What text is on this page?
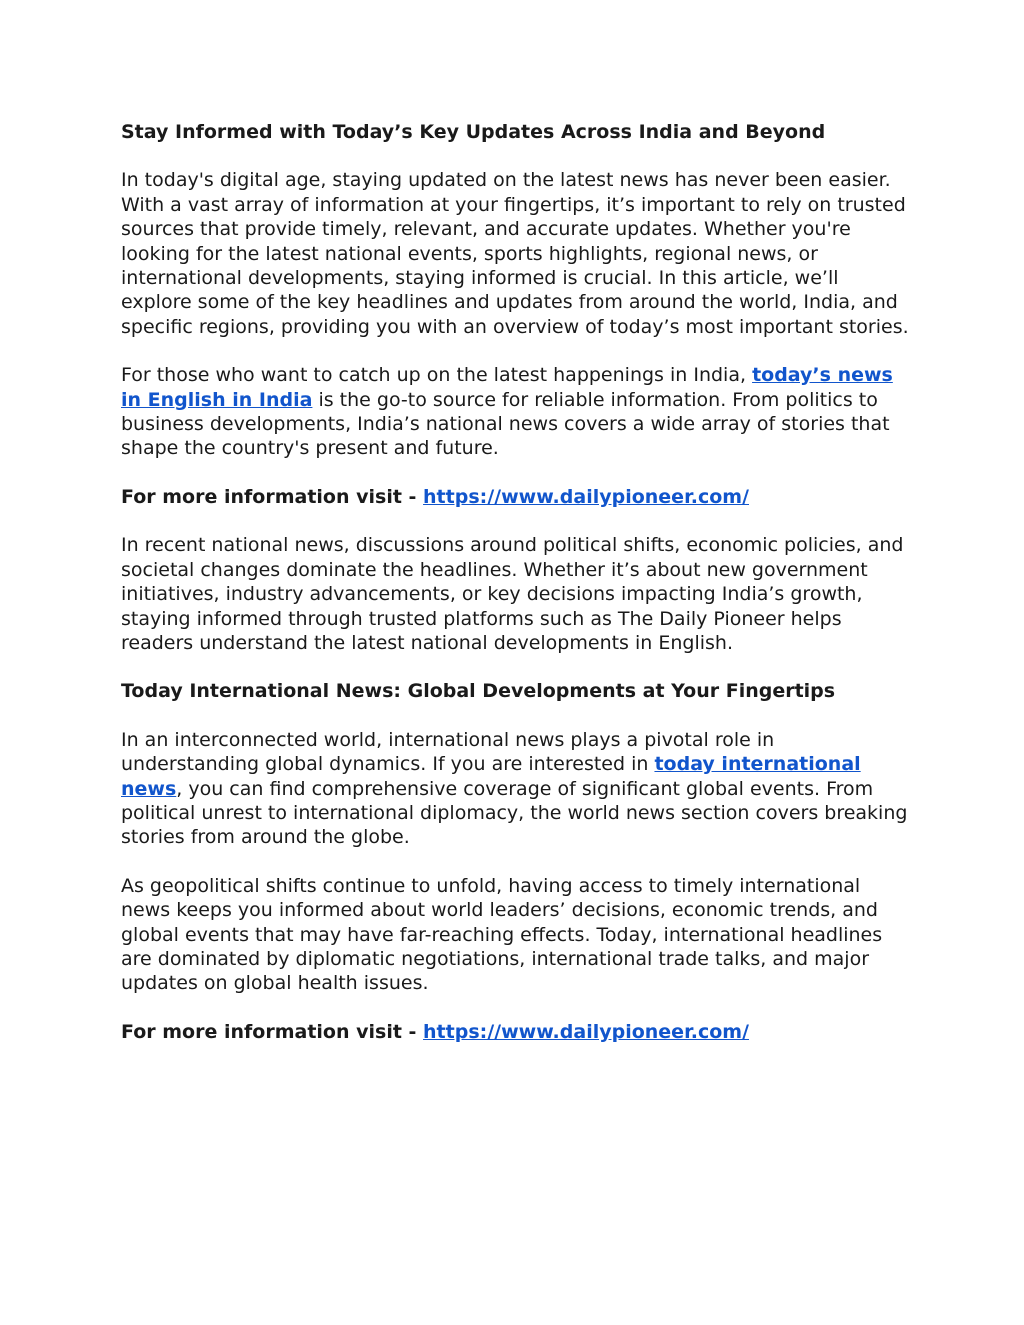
Stay Informed with Today’s Key Updates Across India and Beyond

In today's digital age, staying updated on the latest news has never been easier. With a vast array of information at your fingertips, it’s important to rely on trusted sources that provide timely, relevant, and accurate updates. Whether you're looking for the latest national events, sports highlights, regional news, or international developments, staying informed is crucial. In this article, we’ll explore some of the key headlines and updates from around the world, India, and specific regions, providing you with an overview of today’s most important stories.

For those who want to catch up on the latest happenings in India, today’s news in English in India is the go-to source for reliable information. From politics to business developments, India’s national news covers a wide array of stories that shape the country's present and future.

For more information visit - https://www.dailypioneer.com/

In recent national news, discussions around political shifts, economic policies, and societal changes dominate the headlines. Whether it’s about new government initiatives, industry advancements, or key decisions impacting India’s growth, staying informed through trusted platforms such as The Daily Pioneer helps readers understand the latest national developments in English.

Today International News: Global Developments at Your Fingertips

In an interconnected world, international news plays a pivotal role in understanding global dynamics. If you are interested in today international news, you can find comprehensive coverage of significant global events. From political unrest to international diplomacy, the world news section covers breaking stories from around the globe.

As geopolitical shifts continue to unfold, having access to timely international news keeps you informed about world leaders’ decisions, economic trends, and global events that may have far-reaching effects. Today, international headlines are dominated by diplomatic negotiations, international trade talks, and major updates on global health issues.

For more information visit - https://www.dailypioneer.com/
